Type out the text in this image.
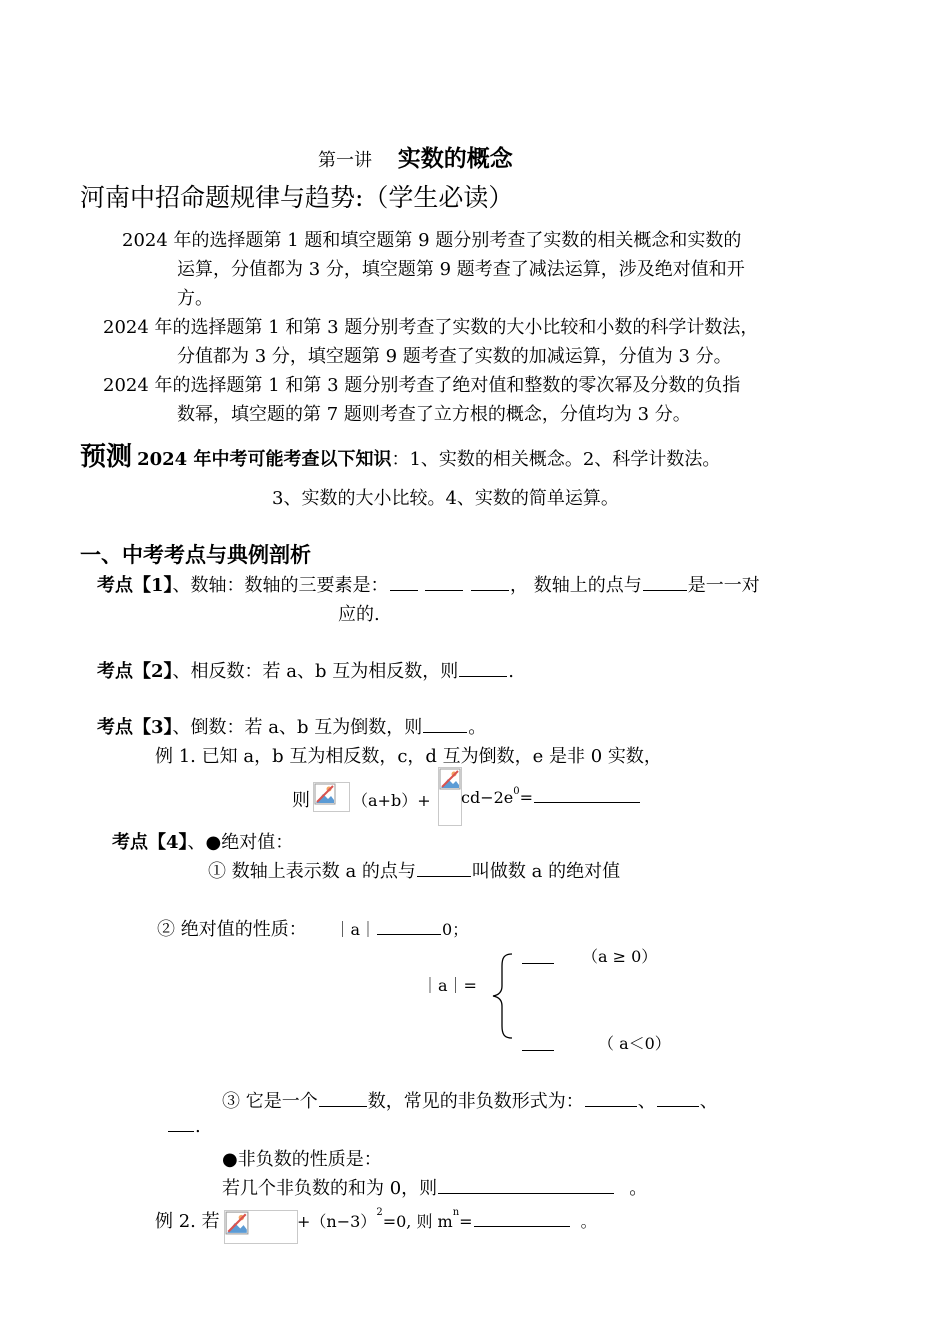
第一讲 实数的概念
河南中招命题规律与趋势:（学生必读）
2024 年的选择题第 1 题和填空题第 9 题分别考查了实数的相关概念和实数的
运算，分值都为 3 分，填空题第 9 题考查了减法运算，涉及绝对值和开
方。
2024 年的选择题第 1 和第 3 题分别考查了实数的大小比较和小数的科学计数法，
分值都为 3 分，填空题第 9 题考查了实数的加减运算，分值为 3 分。
2024 年的选择题第 1 和第 3 题分别考查了绝对值和整数的零次幂及分数的负指
数幂，填空题的第 7 题则考查了立方根的概念，分值均为 3 分。
预测 2024 年中考可能考查以下知识：1、实数的相关概念。2、科学计数法。
3、实数的大小比较。4、实数的简单运算。
一、中考考点与典例剖析
考点【1】、数轴：数轴的三要素是：	， 数轴上的点与	是一一对
应的.
考点【2】、相反数：若 a、b 互为相反数，则	.
考点【3】、倒数：若 a、b 互为倒数，则	。
例 1. 已知 a，b 互为相反数，c，d 互为倒数，e 是非 0 实数，
则	$(a+b)+ cd-2e^0=$
考点【4】、●绝对值：
① 数轴上表示数 a 的点与	叫做数 a 的绝对值
② 绝对值的性质： ｜a｜	0；
｜a｜=
（a ≥ 0）
（ a＜0）
③ 它是一个	数，常见的非负数形式为：	、 、
.
●非负数的性质是：
若几个非负数的和为 0，则	。
例 2. 若	$+(n-3)^2=0$, 则 $m^n=$	。
